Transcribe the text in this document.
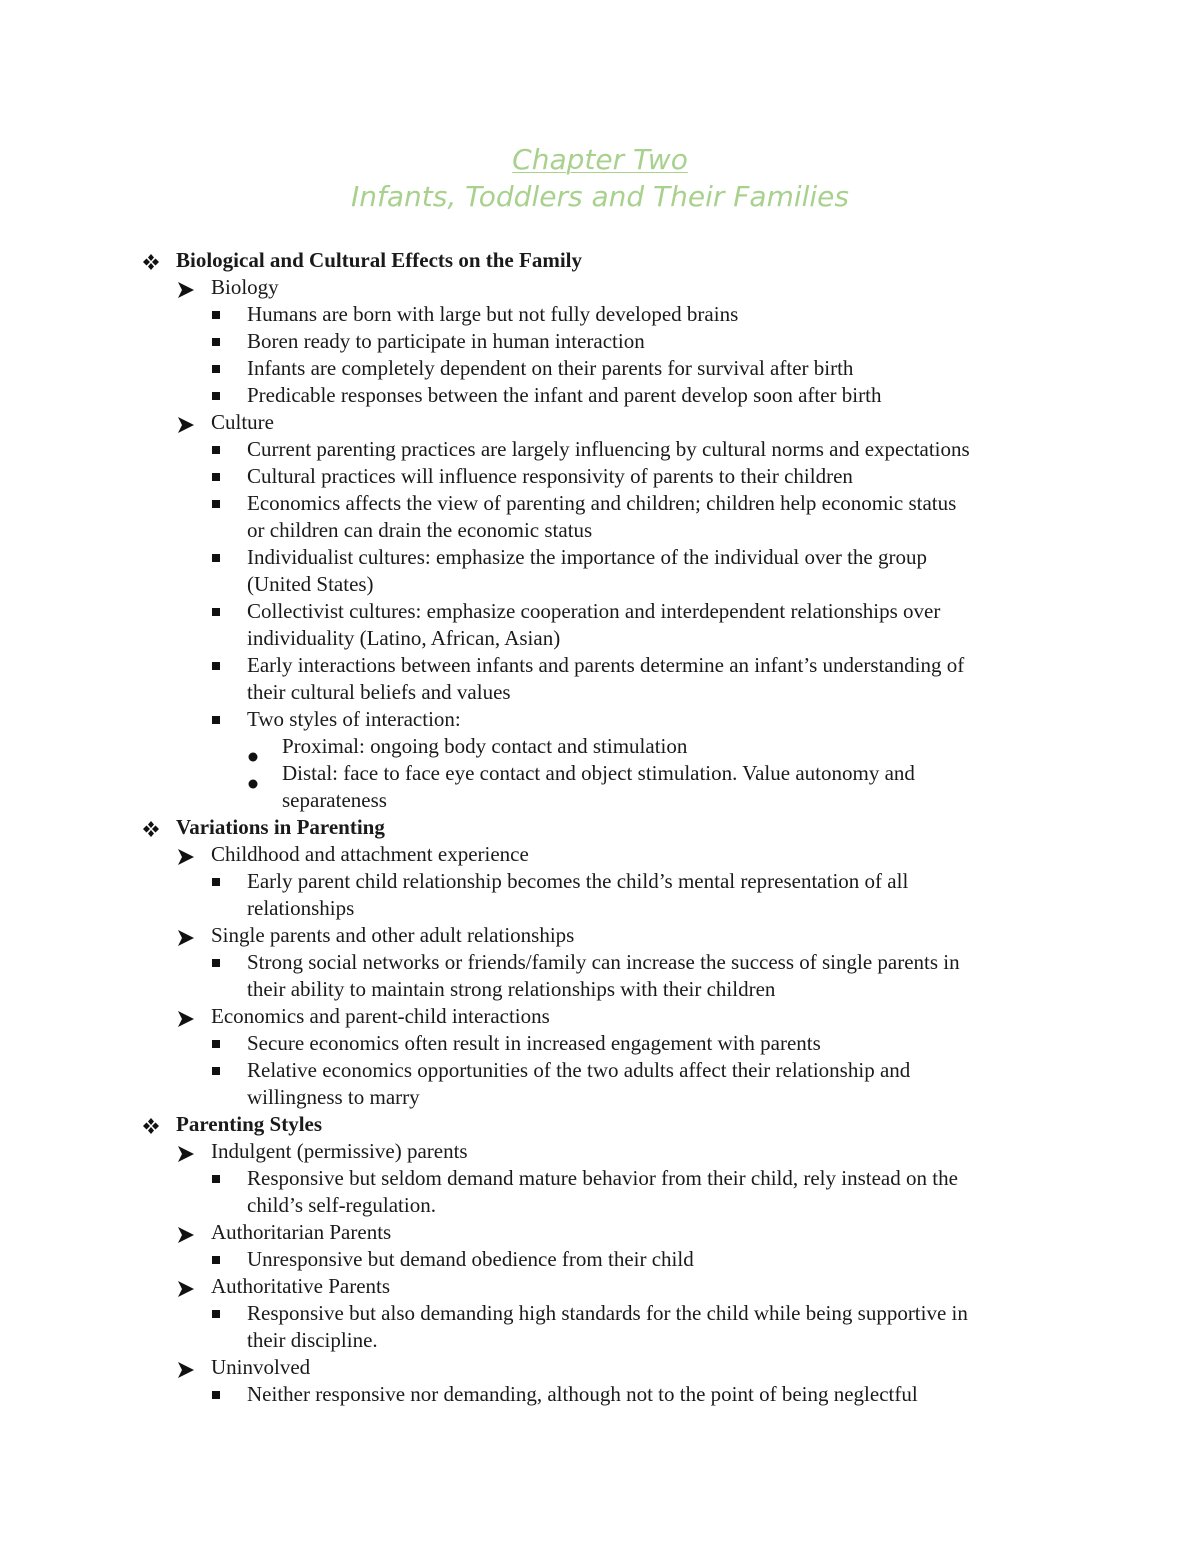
Chapter Two
Infants, Toddlers and Their Families
Biological and Cultural Effects on the Family
Biology
Humans are born with large but not fully developed brains
Boren ready to participate in human interaction
Infants are completely dependent on their parents for survival after birth
Predicable responses between the infant and parent develop soon after birth
Culture
Current parenting practices are largely influencing by cultural norms and expectations
Cultural practices will influence responsivity of parents to their children
Economics affects the view of parenting and children; children help economic status
or children can drain the economic status
Individualist cultures: emphasize the importance of the individual over the group
(United States)
Collectivist cultures: emphasize cooperation and interdependent relationships over
individuality (Latino, African, Asian)
Early interactions between infants and parents determine an infant’s understanding of
their cultural beliefs and values
Two styles of interaction:
Proximal: ongoing body contact and stimulation
Distal: face to face eye contact and object stimulation. Value autonomy and
separateness
Variations in Parenting
Childhood and attachment experience
Early parent child relationship becomes the child’s mental representation of all
relationships
Single parents and other adult relationships
Strong social networks or friends/family can increase the success of single parents in
their ability to maintain strong relationships with their children
Economics and parent-child interactions
Secure economics often result in increased engagement with parents
Relative economics opportunities of the two adults affect their relationship and
willingness to marry
Parenting Styles
Indulgent (permissive) parents
Responsive but seldom demand mature behavior from their child, rely instead on the
child’s self-regulation.
Authoritarian Parents
Unresponsive but demand obedience from their child
Authoritative Parents
Responsive but also demanding high standards for the child while being supportive in
their discipline.
Uninvolved
Neither responsive nor demanding, although not to the point of being neglectful
